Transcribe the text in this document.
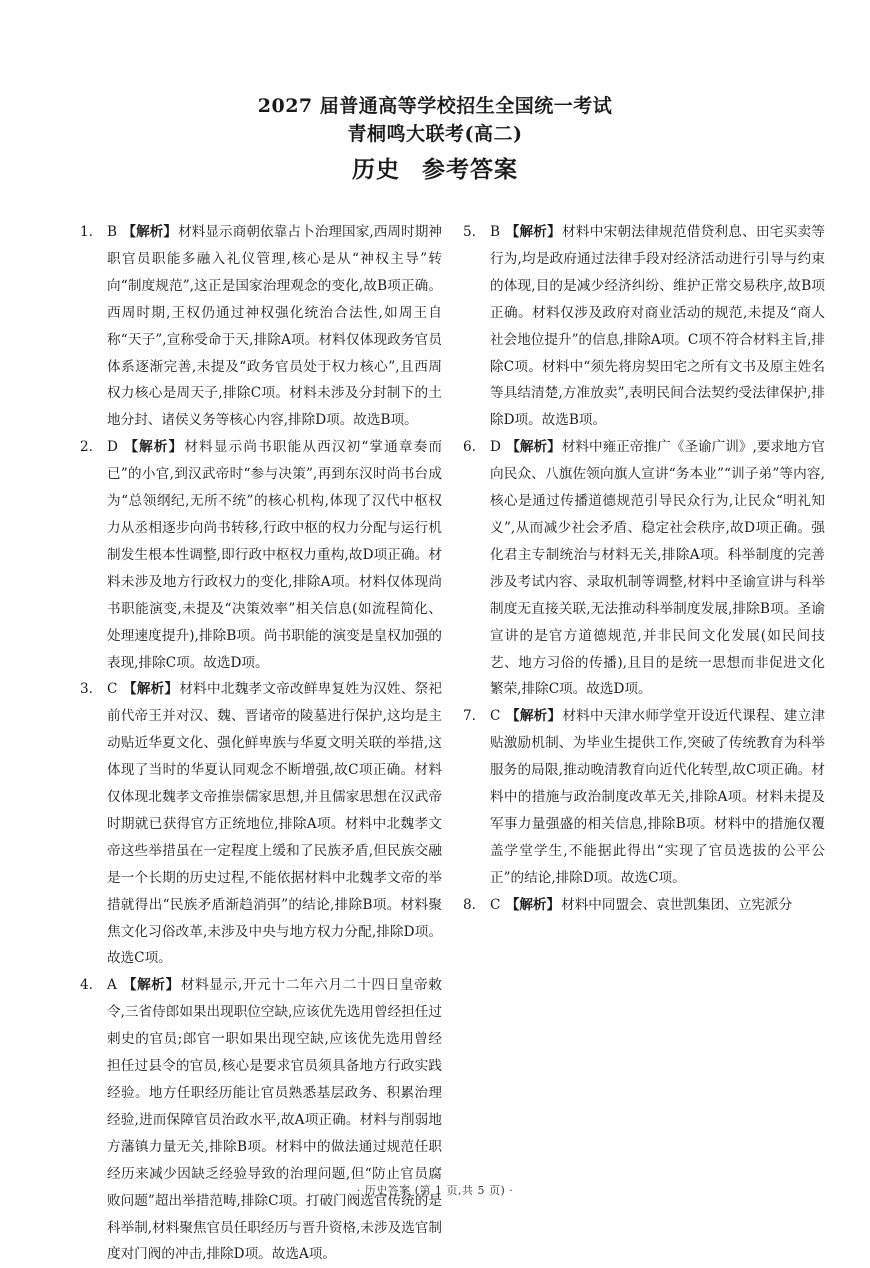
2027 届普通高等学校招生全国统一考试
青桐鸣大联考(高二)
历史 参考答案
1.	B 【解析】材料显示商朝依靠占卜治理国家,西周时期神职官员职能多融入礼仪管理,核心是从“神权主导”转向“制度规范”,这正是国家治理观念的变化,故B项正确。西周时期,王权仍通过神权强化统治合法性,如周王自称“天子”,宣称受命于天,排除A项。材料仅体现政务官员体系逐渐完善,未提及“政务官员处于权力核心”,且西周权力核心是周天子,排除C项。材料未涉及分封制下的土地分封、诸侯义务等核心内容,排除D项。故选B项。
2.	D 【解析】材料显示尚书职能从西汉初“掌通章奏而已”的小官,到汉武帝时“参与决策”,再到东汉时尚书台成为“总领纲纪,无所不统”的核心机构,体现了汉代中枢权力从丞相逐步向尚书转移,行政中枢的权力分配与运行机制发生根本性调整,即行政中枢权力重构,故D项正确。材料未涉及地方行政权力的变化,排除A项。材料仅体现尚书职能演变,未提及“决策效率”相关信息(如流程简化、处理速度提升),排除B项。尚书职能的演变是皇权加强的表现,排除C项。故选D项。
3.	C 【解析】材料中北魏孝文帝改鲜卑复姓为汉姓、祭祀前代帝王并对汉、魏、晋诸帝的陵墓进行保护,这均是主动贴近华夏文化、强化鲜卑族与华夏文明关联的举措,这体现了当时的华夏认同观念不断增强,故C项正确。材料仅体现北魏孝文帝推崇儒家思想,并且儒家思想在汉武帝时期就已获得官方正统地位,排除A项。材料中北魏孝文帝这些举措虽在一定程度上缓和了民族矛盾,但民族交融是一个长期的历史过程,不能依据材料中北魏孝文帝的举措就得出“民族矛盾渐趋消弭”的结论,排除B项。材料聚焦文化习俗改革,未涉及中央与地方权力分配,排除D项。故选C项。
4.	A 【解析】材料显示,开元十二年六月二十四日皇帝敕令,三省侍郎如果出现职位空缺,应该优先选用曾经担任过刺史的官员;郎官一职如果出现空缺,应该优先选用曾经担任过县令的官员,核心是要求官员须具备地方行政实践经验。地方任职经历能让官员熟悉基层政务、积累治理经验,进而保障官员治政水平,故A项正确。材料与削弱地方藩镇力量无关,排除B项。材料中的做法通过规范任职经历来减少因缺乏经验导致的治理问题,但“防止官员腐败问题”超出举措范畴,排除C项。打破门阀选官传统的是科举制,材料聚焦官员任职经历与晋升资格,未涉及选官制度对门阀的冲击,排除D项。故选A项。
5.	B 【解析】材料中宋朝法律规范借贷利息、田宅买卖等行为,均是政府通过法律手段对经济活动进行引导与约束的体现,目的是减少经济纠纷、维护正常交易秩序,故B项正确。材料仅涉及政府对商业活动的规范,未提及“商人社会地位提升”的信息,排除A项。C项不符合材料主旨,排除C项。材料中“须先将房契田宅之所有文书及原主姓名等具结清楚,方准放卖”,表明民间合法契约受法律保护,排除D项。故选B项。
6.	D 【解析】材料中雍正帝推广《圣谕广训》,要求地方官向民众、八旗佐领向旗人宣讲“务本业”“训子弟”等内容,核心是通过传播道德规范引导民众行为,让民众“明礼知义”,从而减少社会矛盾、稳定社会秩序,故D项正确。强化君主专制统治与材料无关,排除A项。科举制度的完善涉及考试内容、录取机制等调整,材料中圣谕宣讲与科举制度无直接关联,无法推动科举制度发展,排除B项。圣谕宣讲的是官方道德规范,并非民间文化发展(如民间技艺、地方习俗的传播),且目的是统一思想而非促进文化繁荣,排除C项。故选D项。
7.	C 【解析】材料中天津水师学堂开设近代课程、建立津贴激励机制、为毕业生提供工作,突破了传统教育为科举服务的局限,推动晚清教育向近代化转型,故C项正确。材料中的措施与政治制度改革无关,排除A项。材料未提及军事力量强盛的相关信息,排除B项。材料中的措施仅覆盖学堂学生,不能据此得出“实现了官员选拔的公平公正”的结论,排除D项。故选C项。
8.	C 【解析】材料中同盟会、袁世凯集团、立宪派分
· 历史答案 (第 1 页,共 5 页) ·
